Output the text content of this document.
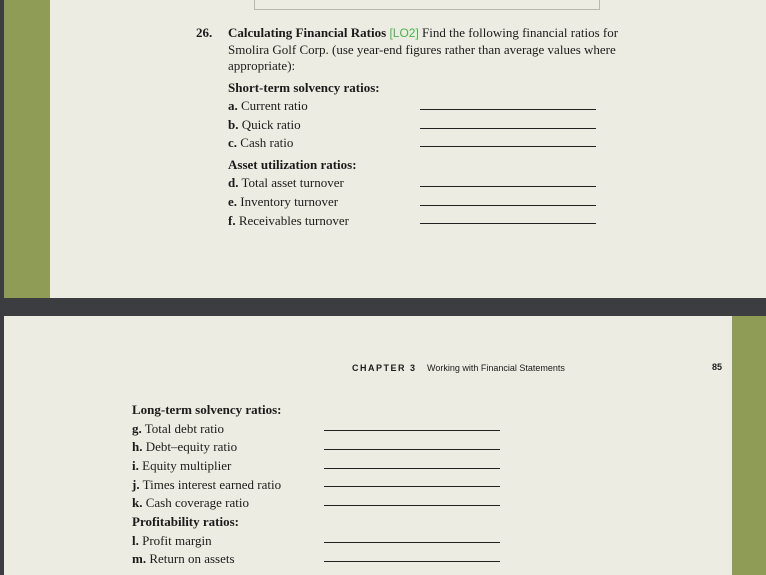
26. Calculating Financial Ratios [LO2] Find the following financial ratios for
Smolira Golf Corp. (use year-end figures rather than average values where
appropriate):
Short-term solvency ratios:
a. Current ratio
b. Quick ratio
c. Cash ratio
Asset utilization ratios:
d. Total asset turnover
e. Inventory turnover
f. Receivables turnover
CHAPTER 3 Working with Financial Statements	85
Long-term solvency ratios:
g. Total debt ratio
h. Debt–equity ratio
i. Equity multiplier
j. Times interest earned ratio
k. Cash coverage ratio
Profitability ratios:
l. Profit margin
m. Return on assets
